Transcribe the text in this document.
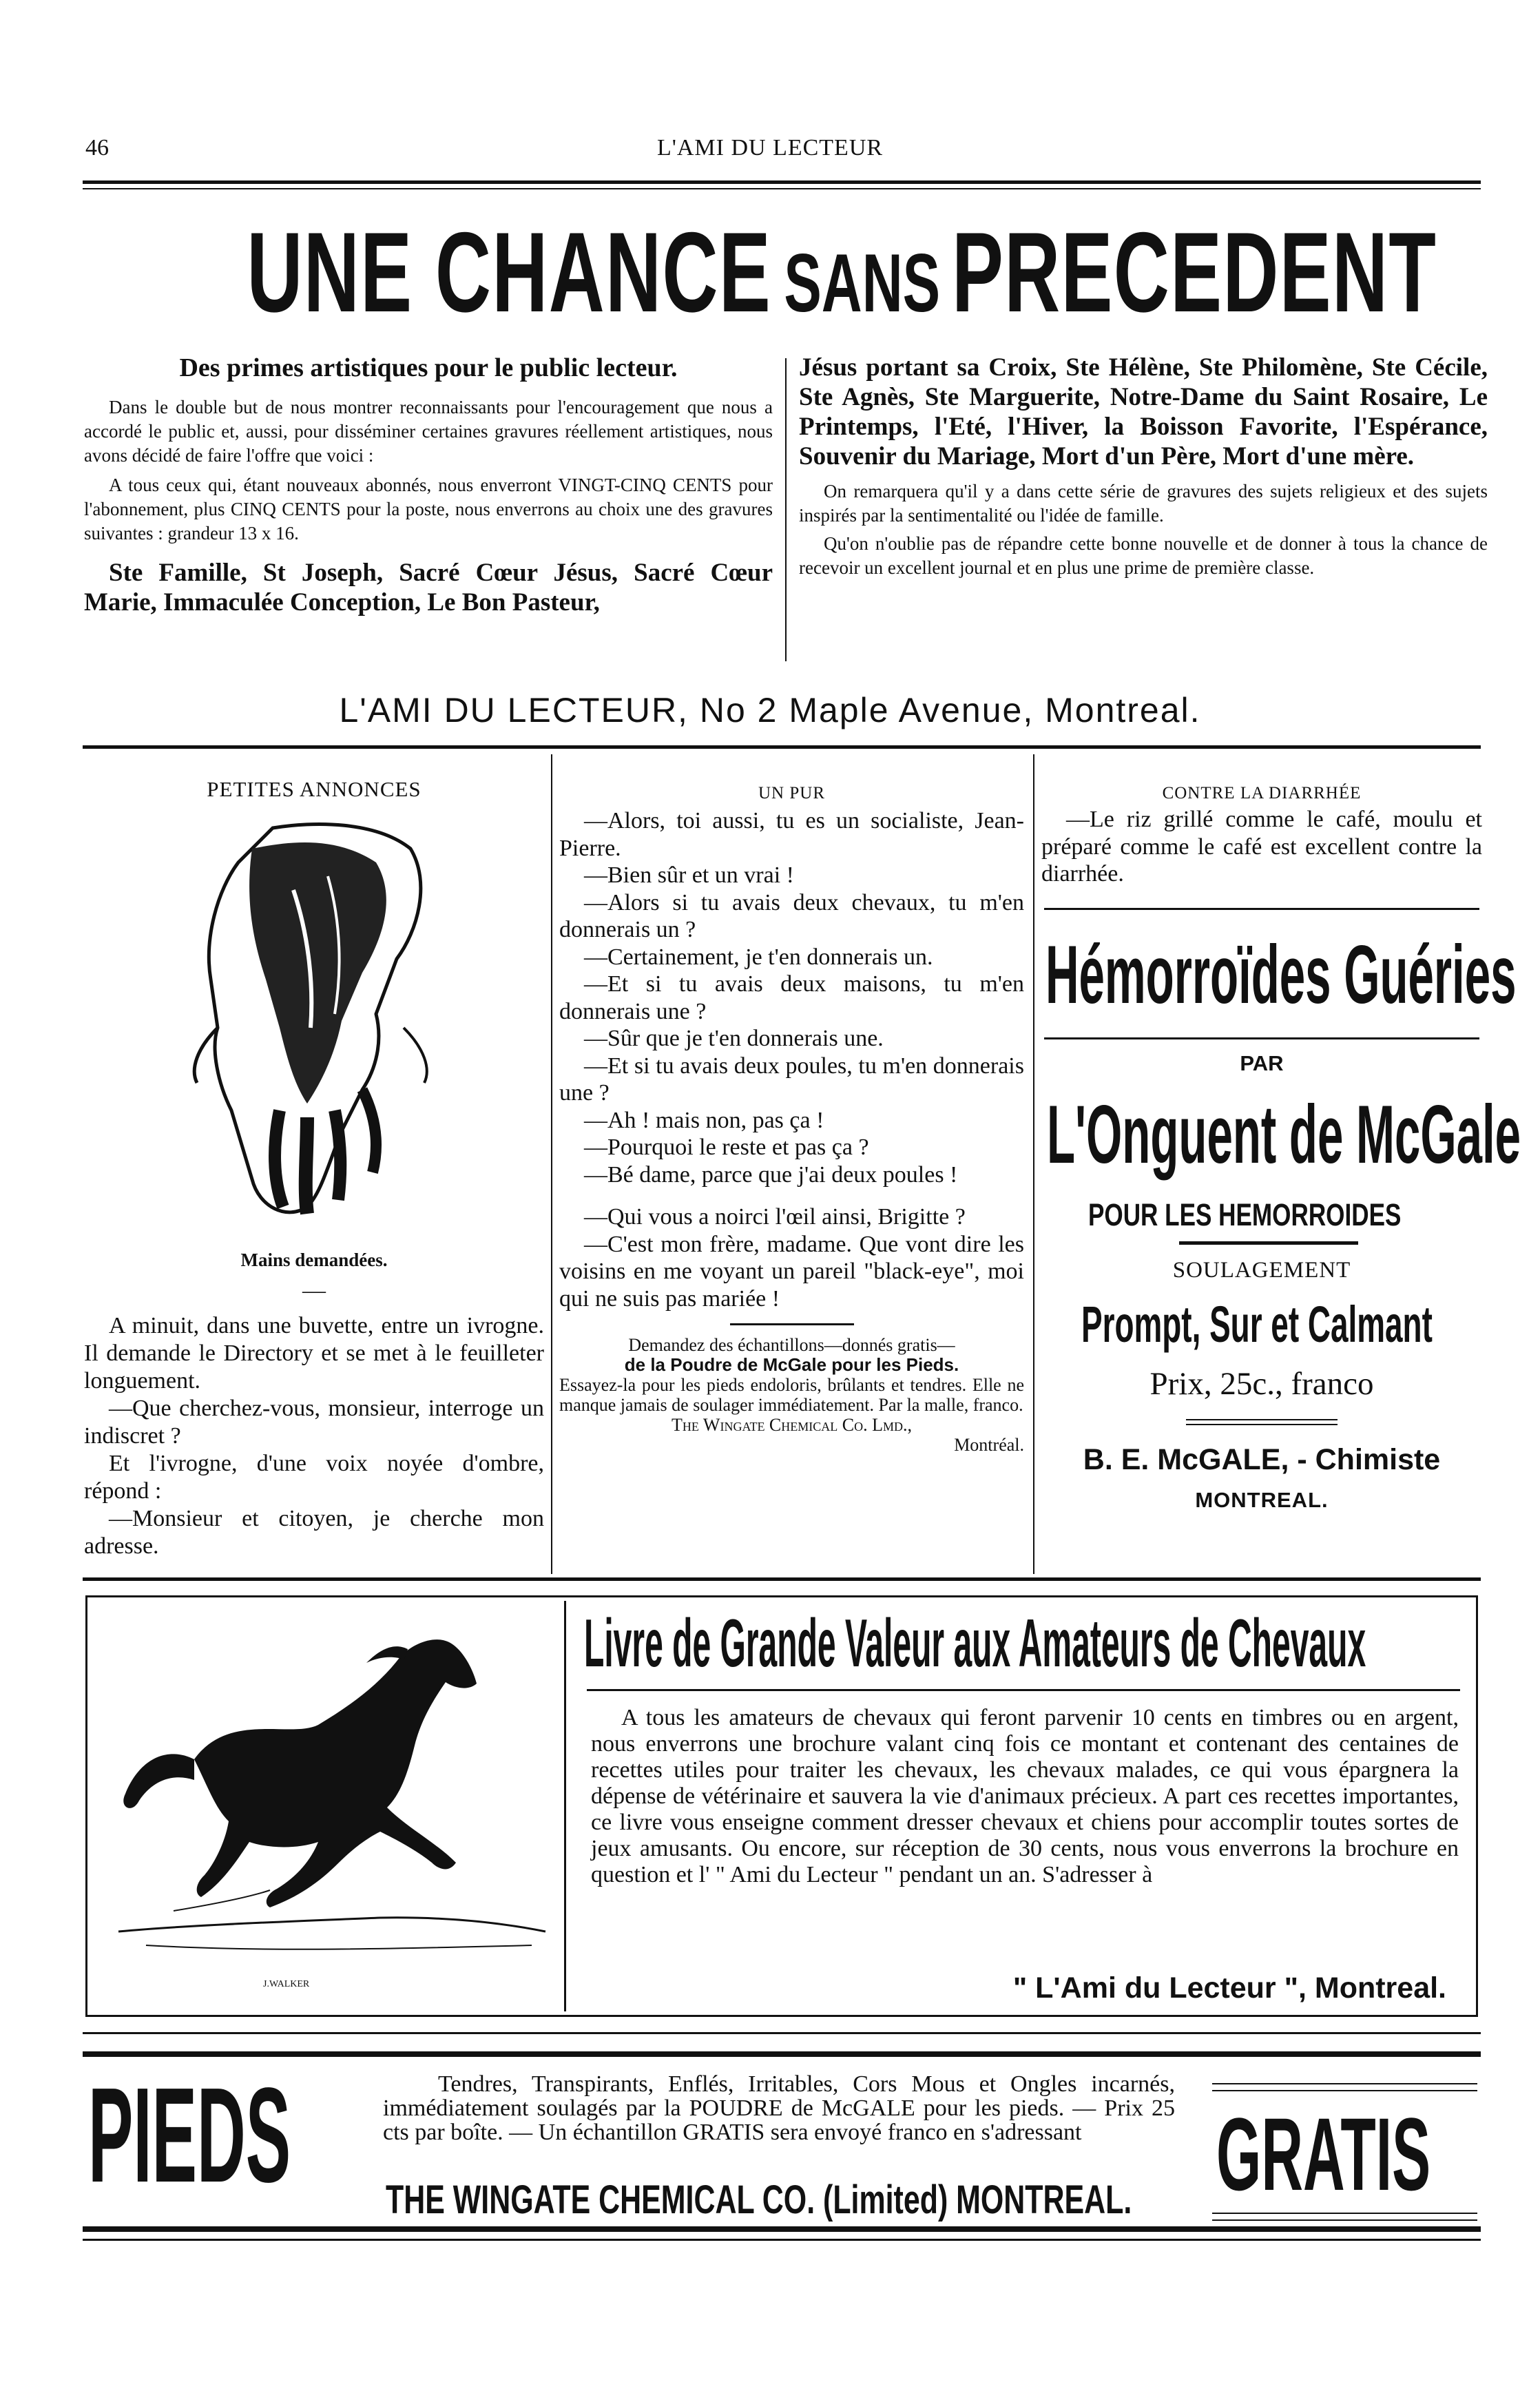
46	L'AMI DU LECTEUR
UNE CHANCE SANS PRECEDENT
Des primes artistiques pour le public lecteur.

Dans le double but de nous montrer reconnaissants pour l'encouragement que nous a accordé le public et, aussi, pour disséminer certaines gravures réellement artistiques, nous avons décidé de faire l'offre que voici :

A tous ceux qui, étant nouveaux abonnés, nous enverront VINGT-CINQ CENTS pour l'abonnement, plus CINQ CENTS pour la poste, nous enverrons au choix une des gravures suivantes : grandeur 13 x 16.

Ste Famille, St Joseph, Sacré Cœur Jésus, Sacré Cœur Marie, Immaculée Conception, Le Bon Pasteur,

Jésus portant sa Croix, Ste Hélène, Ste Philomène, Ste Cécile, Ste Agnès, Ste Marguerite, Notre-Dame du Saint Rosaire, Le Printemps, l'Eté, l'Hiver, la Boisson Favorite, l'Espérance, Souvenir du Mariage, Mort d'un Père, Mort d'une mère.

On remarquera qu'il y a dans cette série de gravures des sujets religieux et des sujets inspirés par la sentimentalité ou l'idée de famille.

Qu'on n'oublie pas de répandre cette bonne nouvelle et de donner à tous la chance de recevoir un excellent journal et en plus une prime de première classe.

L'AMI DU LECTEUR, No 2 Maple Avenue, Montreal.
PETITES ANNONCES
Mains demandées.
—

A minuit, dans une buvette, entre un ivrogne. Il demande le Directory et se met à le feuilleter longuement.

—Que cherchez-vous, monsieur, interroge un indiscret ?

Et l'ivrogne, d'une voix noyée d'ombre, répond :

—Monsieur et citoyen, je cherche mon adresse.

UN PUR

—Alors, toi aussi, tu es un socialiste, Jean-Pierre.

—Bien sûr et un vrai !

—Alors si tu avais deux chevaux, tu m'en donnerais un ?

—Certainement, je t'en donnerais un.

—Et si tu avais deux maisons, tu m'en donnerais une ?

—Sûr que je t'en donnerais une.

—Et si tu avais deux poules, tu m'en donnerais une ?

—Ah ! mais non, pas ça !

—Pourquoi le reste et pas ça ?

—Bé dame, parce que j'ai deux poules !

—Qui vous a noirci l'œil ainsi, Brigitte ?

—C'est mon frère, madame. Que vont dire les voisins en me voyant un pareil "black-eye", moi qui ne suis pas mariée !

Demandez des échantillons—donnés gratis—
de la Poudre de McGale pour les Pieds.
Essayez-la pour les pieds endoloris, brûlants et tendres. Elle ne manque jamais de soulager immédiatement. Par la malle, franco.
The Wingate Chemical Co. Lmd.,
Montréal.
CONTRE LA DIARRHÉE

—Le riz grillé comme le café, moulu et préparé comme le café est excellent contre la diarrhée.

Hémorroïdes Guéries
PAR
L'Onguent de McGale
POUR LES HEMORROIDES
SOULAGEMENT
Prompt, Sur et Calmant
Prix, 25c., franco
B. E. McGALE, - Chimiste
MONTREAL.
J.WALKER
Livre de Grande Valeur aux Amateurs de Chevaux

A tous les amateurs de chevaux qui feront parvenir 10 cents en timbres ou en argent, nous enverrons une brochure valant cinq fois ce montant et contenant des centaines de recettes utiles pour traiter les chevaux, les chevaux malades, ce qui vous épargnera la dépense de vétérinaire et sauvera la vie d'animaux précieux. A part ces recettes importantes, ce livre vous enseigne comment dresser chevaux et chiens pour accomplir toutes sortes de jeux amusants. Ou encore, sur réception de 30 cents, nous vous enverrons la brochure en question et l' " Ami du Lecteur " pendant un an. S'adresser à

" L'Ami du Lecteur ", Montreal.
PIEDS	Tendres, Transpirants, Enflés, Irritables, Cors Mous et Ongles incarnés, immédiatement soulagés par la POUDRE de McGALE pour les pieds. — Prix 25 cts par boîte. — Un échantillon GRATIS sera envoyé franco en s'adressant

THE WINGATE CHEMICAL CO. (Limited) MONTREAL. GRATIS
